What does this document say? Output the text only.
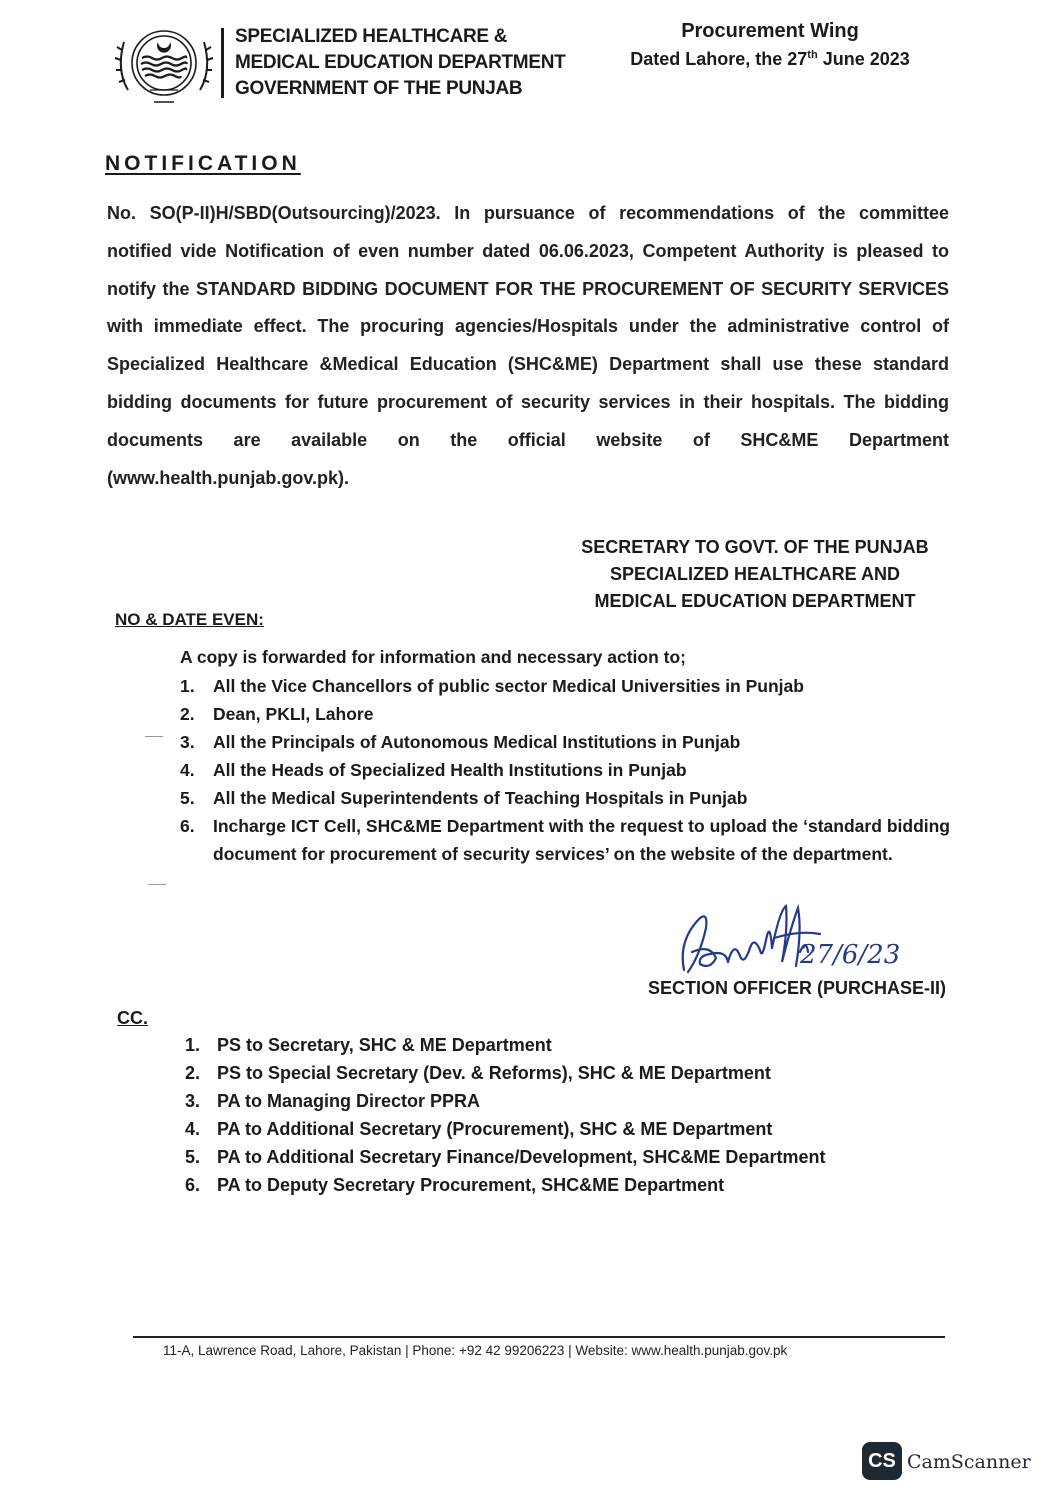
SPECIALIZED HEALTHCARE &
MEDICAL EDUCATION DEPARTMENT
GOVERNMENT OF THE PUNJAB
Procurement Wing
Dated Lahore, the 27th June 2023
NOTIFICATION
No. SO(P-II)H/SBD(Outsourcing)/2023. In pursuance of recommendations of the committee notified vide Notification of even number dated 06.06.2023, Competent Authority is pleased to notify the STANDARD BIDDING DOCUMENT FOR THE PROCUREMENT OF SECURITY SERVICES with immediate effect. The procuring agencies/Hospitals under the administrative control of Specialized Healthcare &Medical Education (SHC&ME) Department shall use these standard bidding documents for future procurement of security services in their hospitals. The bidding documents are available on the official website of SHC&ME Department (www.health.punjab.gov.pk).
SECRETARY TO GOVT. OF THE PUNJAB
SPECIALIZED HEALTHCARE AND
MEDICAL EDUCATION DEPARTMENT
NO & DATE EVEN:
A copy is forwarded for information and necessary action to;
1.	All the Vice Chancellors of public sector Medical Universities in Punjab
2.	Dean, PKLI, Lahore
3.	All the Principals of Autonomous Medical Institutions in Punjab
4.	All the Heads of Specialized Health Institutions in Punjab
5.	All the Medical Superintendents of Teaching Hospitals in Punjab
6.	Incharge ICT Cell, SHC&ME Department with the request to upload the ‘standard bidding document for procurement of security services’ on the website of the department.
27/6/23
SECTION OFFICER (PURCHASE-II)
CC.
1. PS to Secretary, SHC & ME Department
2. PS to Special Secretary (Dev. & Reforms), SHC & ME Department
3. PA to Managing Director PPRA
4. PA to Additional Secretary (Procurement), SHC & ME Department
5. PA to Additional Secretary Finance/Development, SHC&ME Department
6. PA to Deputy Secretary Procurement, SHC&ME Department
11-A, Lawrence Road, Lahore, Pakistan | Phone: +92 42 99206223 | Website: www.health.punjab.gov.pk
CS CamScanner
